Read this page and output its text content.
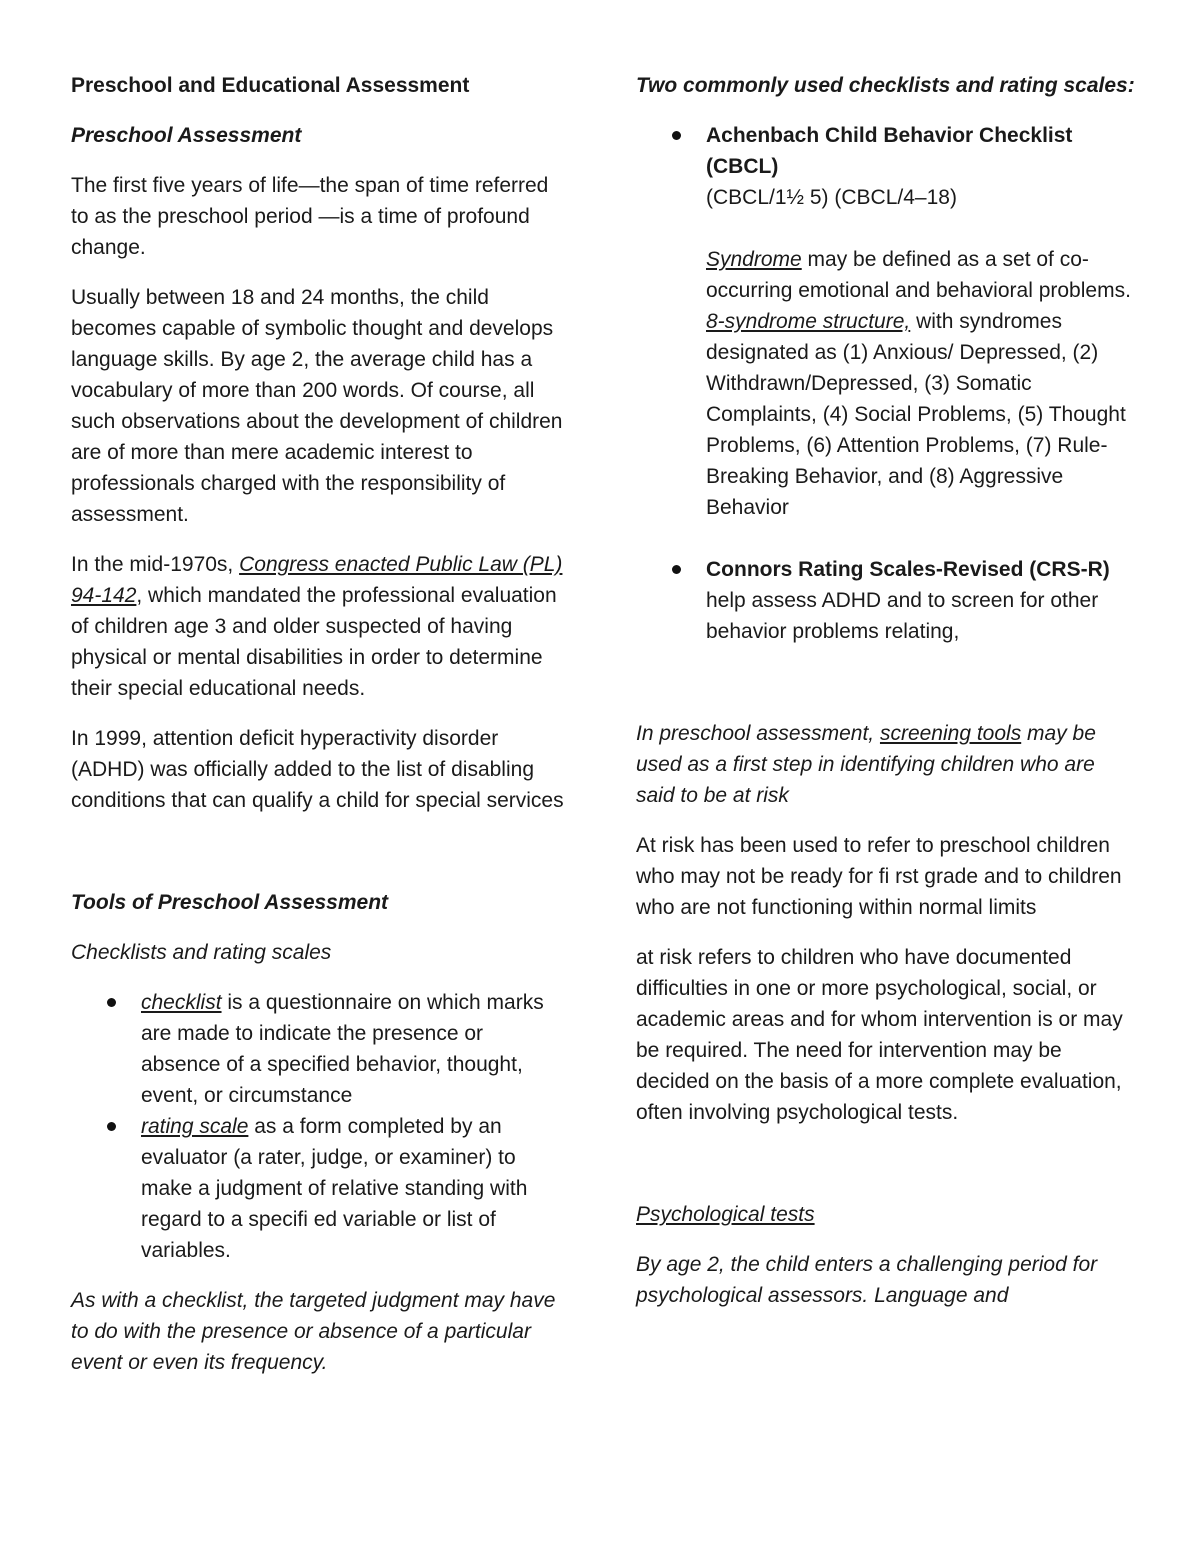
Preschool and Educational Assessment

Preschool Assessment

The first five years of life—the span of time referred to as the preschool period —is a time of profound change.

Usually between 18 and 24 months, the child becomes capable of symbolic thought and develops language skills. By age 2, the average child has a vocabulary of more than 200 words. Of course, all such observations about the development of children are of more than mere academic interest to professionals charged with the responsibility of assessment.

In the mid-1970s, Congress enacted Public Law (PL) 94-142, which mandated the professional evaluation of children age 3 and older suspected of having physical or mental disabilities in order to determine their special educational needs.

In 1999, attention deficit hyperactivity disorder (ADHD) was officially added to the list of disabling conditions that can qualify a child for special services

Tools of Preschool Assessment

Checklists and rating scales

checklist is a questionnaire on which marks are made to indicate the presence or absence of a specified behavior, thought, event, or circumstance
rating scale as a form completed by an evaluator (a rater, judge, or examiner) to make a judgment of relative standing with regard to a specifi ed variable or list of variables.

As with a checklist, the targeted judgment may have to do with the presence or absence of a particular event or even its frequency.

Two commonly used checklists and rating scales:

Achenbach Child Behavior Checklist (CBCL)
(CBCL/1½ 5) (CBCL/4–18)
Syndrome may be defined as a set of co-occurring emotional and behavioral problems.
8-syndrome structure, with syndromes designated as (1) Anxious/ Depressed, (2) Withdrawn/Depressed, (3) Somatic Complaints, (4) Social Problems, (5) Thought Problems, (6) Attention Problems, (7) Rule-Breaking Behavior, and (8) Aggressive Behavior
Connors Rating Scales-Revised (CRS-R)
help assess ADHD and to screen for other behavior problems relating,

In preschool assessment, screening tools may be used as a first step in identifying children who are said to be at risk

At risk has been used to refer to preschool children who may not be ready for fi rst grade and to children who are not functioning within normal limits

at risk refers to children who have documented difficulties in one or more psychological, social, or academic areas and for whom intervention is or may be required. The need for intervention may be decided on the basis of a more complete evaluation, often involving psychological tests.

Psychological tests

By age 2, the child enters a challenging period for psychological assessors. Language and
